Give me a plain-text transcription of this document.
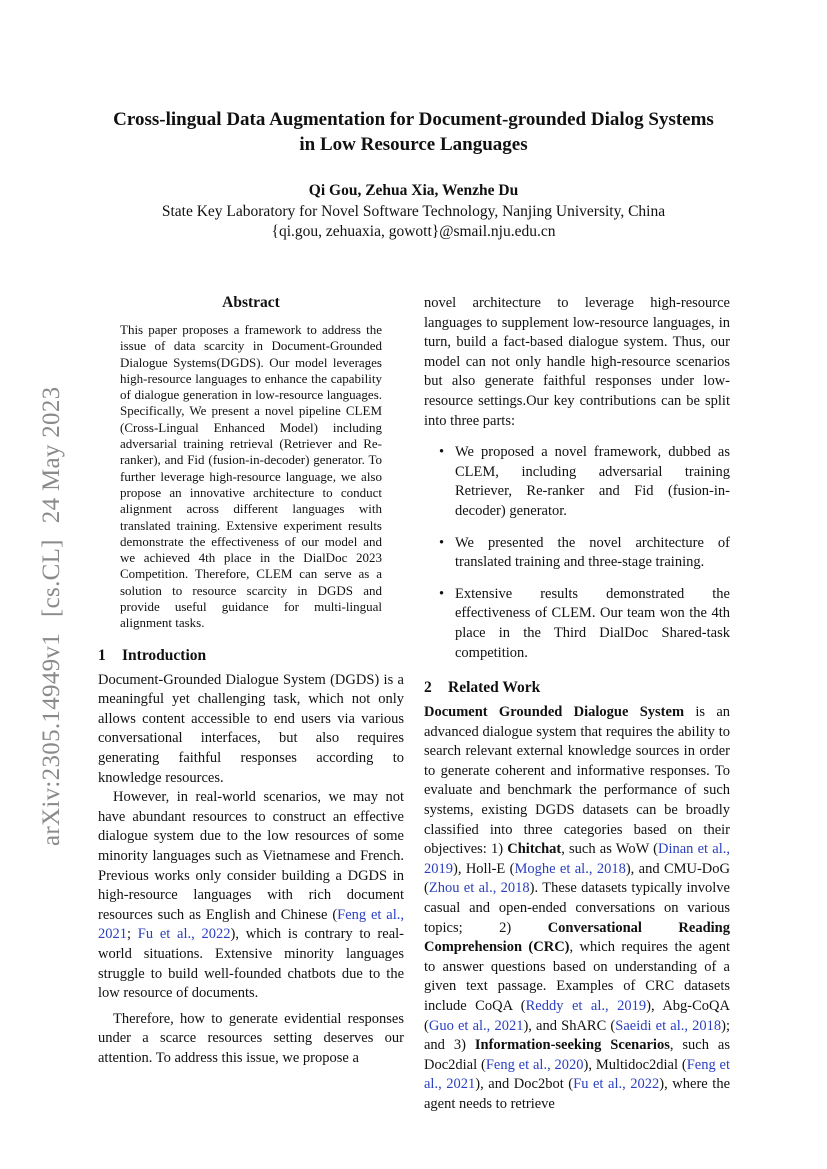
arXiv:2305.14949v1[cs.CL]24 May 2023
Cross-lingual Data Augmentation for Document-grounded Dialog Systems
in Low Resource Languages
Qi Gou, Zehua Xia, Wenzhe Du
State Key Laboratory for Novel Software Technology, Nanjing University, China
{qi.gou, zehuaxia, gowott}@smail.nju.edu.cn
Abstract

This paper proposes a framework to address the issue of data scarcity in Document-Grounded Dialogue Systems(DGDS). Our model leverages high-resource languages to enhance the capability of dialogue generation in low-resource languages. Specifically, We present a novel pipeline CLEM (Cross-Lingual Enhanced Model) including adversarial training retrieval (Retriever and Re-ranker), and Fid (fusion-in-decoder) generator. To further leverage high-resource language, we also propose an innovative architecture to conduct alignment across different languages with translated training. Extensive experiment results demonstrate the effectiveness of our model and we achieved 4th place in the DialDoc 2023 Competition. Therefore, CLEM can serve as a solution to resource scarcity in DGDS and provide useful guidance for multi-lingual alignment tasks.

1 Introduction

Document-Grounded Dialogue System (DGDS) is a meaningful yet challenging task, which not only allows content accessible to end users via various conversational interfaces, but also requires generating faithful responses according to knowledge resources.

However, in real-world scenarios, we may not have abundant resources to construct an effective dialogue system due to the low resources of some minority languages such as Vietnamese and French. Previous works only consider building a DGDS in high-resource languages with rich document resources such as English and Chinese (Feng et al., 2021; Fu et al., 2022), which is contrary to real-world situations. Extensive minority languages struggle to build well-founded chatbots due to the low resource of documents.

Therefore, how to generate evidential responses under a scarce resources setting deserves our attention. To address this issue, we propose a

novel architecture to leverage high-resource languages to supplement low-resource languages, in turn, build a fact-based dialogue system. Thus, our model can not only handle high-resource scenarios but also generate faithful responses under low-resource settings.Our key contributions can be split into three parts:

• We proposed a novel framework, dubbed as CLEM, including adversarial training Retriever, Re-ranker and Fid (fusion-in-decoder) generator.
• We presented the novel architecture of translated training and three-stage training.
• Extensive results demonstrated the effectiveness of CLEM. Our team won the 4th place in the Third DialDoc Shared-task competition.
2 Related Work

Document Grounded Dialogue System is an advanced dialogue system that requires the ability to search relevant external knowledge sources in order to generate coherent and informative responses. To evaluate and benchmark the performance of such systems, existing DGDS datasets can be broadly classified into three categories based on their objectives: 1) Chitchat, such as WoW (Dinan et al., 2019), Holl-E (Moghe et al., 2018), and CMU-DoG (Zhou et al., 2018). These datasets typically involve casual and open-ended conversations on various topics; 2) Conversational Reading Comprehension (CRC), which requires the agent to answer questions based on understanding of a given text passage. Examples of CRC datasets include CoQA (Reddy et al., 2019), Abg-CoQA (Guo et al., 2021), and ShARC (Saeidi et al., 2018); and 3) Information-seeking Scenarios, such as Doc2dial (Feng et al., 2020), Multidoc2dial (Feng et al., 2021), and Doc2bot (Fu et al., 2022), where the agent needs to retrieve
